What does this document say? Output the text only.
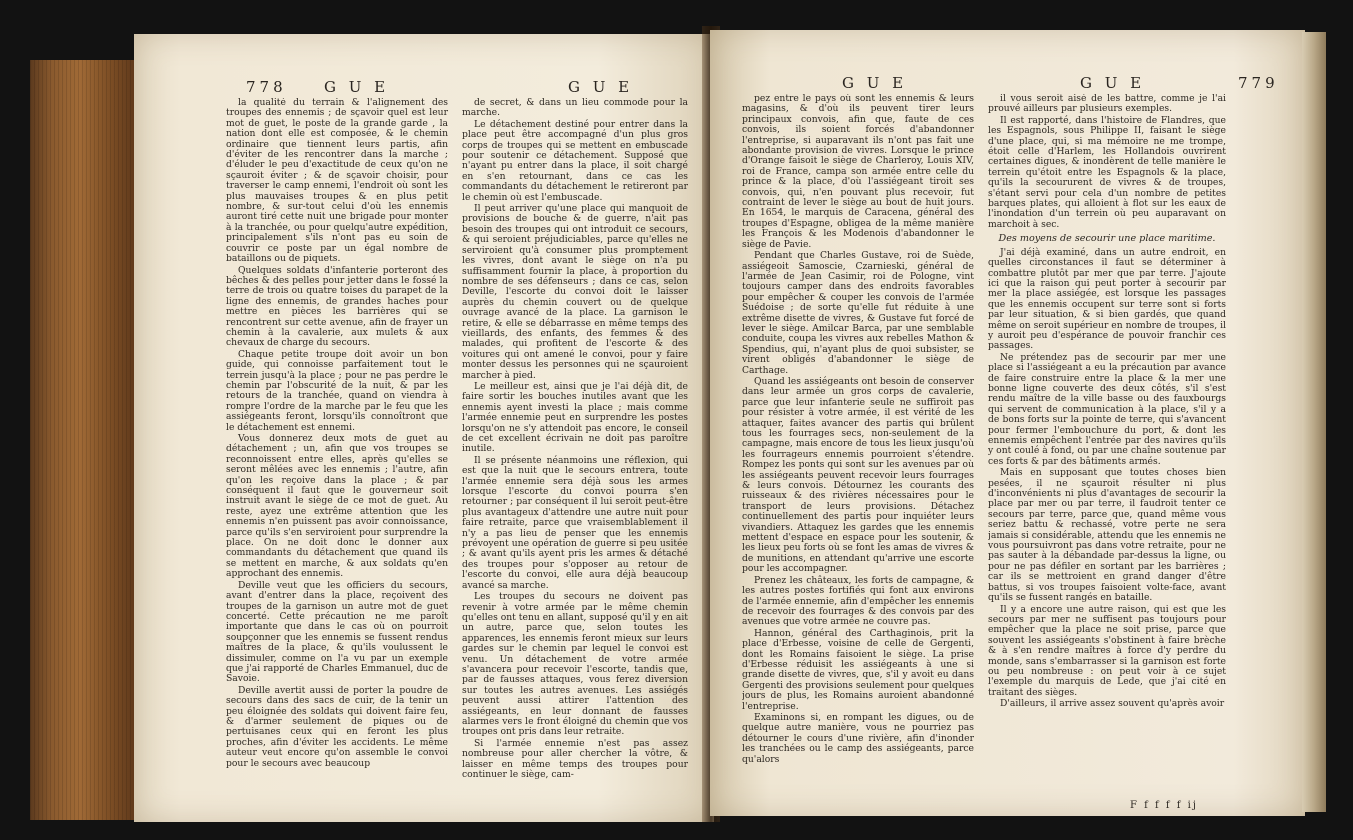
778 G U E	G U E

la qualité du terrain & l'alignement des troupes des ennemis ; de sçavoir quel est leur mot de guet, le poste de la grande garde , la nation dont elle est composée, & le chemin ordinaire que tiennent leurs partis, afin d'éviter de les rencontrer dans la marche ; d'éluder le peu d'exactitude de ceux qu'on ne sçauroit éviter ; & de sçavoir choisir, pour traverser le camp ennemi, l'endroit où sont les plus mauvaises troupes & en plus petit nombre, & sur-tout celui d'où les ennemis auront tiré cette nuit une brigade pour monter à la tranchée, ou pour quelqu'autre expédition, principalement s'ils n'ont pas eu soin de couvrir ce poste par un égal nombre de bataillons ou de piquets.

Quelques soldats d'infanterie porteront des bêches & des pelles pour jetter dans le fossé la terre de trois ou quatre toises du parapet de la ligne des ennemis, de grandes haches pour mettre en pièces les barrières qui se rencontrent sur cette avenue, afin de frayer un chemin à la cavalerie, aux mulets & aux chevaux de charge du secours.

Chaque petite troupe doit avoir un bon guide, qui connoisse parfaitement tout le terrein jusqu'à la place ; pour ne pas perdre le chemin par l'obscurité de la nuit, & par les retours de la tranchée, quand on viendra à rompre l'ordre de la marche par le feu que les assiégeants feront, lorsqu'ils connoîtront que le détachement est ennemi.

Vous donnerez deux mots de guet au détachement ; un, afin que vos troupes se reconnoissent entre elles, après qu'elles se seront mêlées avec les ennemis ; l'autre, afin qu'on les reçoive dans la place ; & par conséquent il faut que le gouverneur soit instruit avant le siège de ce mot de guet. Au reste, ayez une extrême attention que les ennemis n'en puissent pas avoir connoissance, parce qu'ils s'en serviroient pour surprendre la place. On ne doit donc le donner aux commandants du détachement que quand ils se mettent en marche, & aux soldats qu'en approchant des ennemis.

Deville veut que les officiers du secours, avant d'entrer dans la place, reçoivent des troupes de la garnison un autre mot de guet concerté. Cette précaution ne me paroît importante que dans le cas où on pourroit soupçonner que les ennemis se fussent rendus maîtres de la place, & qu'ils voulussent le dissimuler, comme on l'a vu par un exemple que j'ai rapporté de Charles Emmanuel, duc de Savoie.

Deville avertit aussi de porter la poudre de secours dans des sacs de cuir, de la tenir un peu éloignée des soldats qui doivent faire feu, & d'armer seulement de piques ou de pertuisanes ceux qui en feront les plus proches, afin d'éviter les accidents. Le même auteur veut encore qu'on assemble le convoi pour le secours avec beaucoup

de secret, & dans un lieu commode pour la marche.

Le détachement destiné pour entrer dans la place peut être accompagné d'un plus gros corps de troupes qui se mettent en embuscade pour soutenir ce détachement. Supposé que n'ayant pu entrer dans la place, il soit chargé en s'en retournant, dans ce cas les commandants du détachement le retireront par le chemin où est l'embuscade.

Il peut arriver qu'une place qui manquoit de provisions de bouche & de guerre, n'ait pas besoin des troupes qui ont introduit ce secours, & qui seroient préjudiciables, parce qu'elles ne serviroient qu'à consumer plus promptement les vivres, dont avant le siège on n'a pu suffisamment fournir la place, à proportion du nombre de ses défenseurs ; dans ce cas, selon Deville, l'escorte du convoi doit le laisser auprès du chemin couvert ou de quelque ouvrage avancé de la place. La garnison le retire, & elle se débarrasse en même temps des vieillards, des enfants, des femmes & des malades, qui profitent de l'escorte & des voitures qui ont amené le convoi, pour y faire monter dessus les personnes qui ne sçauroient marcher à pied.

Le meilleur est, ainsi que je l'ai déjà dit, de faire sortir les bouches inutiles avant que les ennemis ayent investi la place ; mais comme l'armée ennemie peut en surprendre les postes lorsqu'on ne s'y attendoit pas encore, le conseil de cet excellent écrivain ne doit pas paroître inutile.

Il se présente néanmoins une réflexion, qui est que la nuit que le secours entrera, toute l'armée ennemie sera déjà sous les armes lorsque l'escorte du convoi pourra s'en retourner ; par conséquent il lui seroit peut-être plus avantageux d'attendre une autre nuit pour faire retraite, parce que vraisemblablement il n'y a pas lieu de penser que les ennemis prévoyent une opération de guerre si peu usitée ; & avant qu'ils ayent pris les armes & détaché des troupes pour s'opposer au retour de l'escorte du convoi, elle aura déjà beaucoup avancé sa marche.

Les troupes du secours ne doivent pas revenir à votre armée par le même chemin qu'elles ont tenu en allant, supposé qu'il y en ait un autre, parce que, selon toutes les apparences, les ennemis feront mieux sur leurs gardes sur le chemin par lequel le convoi est venu. Un détachement de votre armée s'avancera pour recevoir l'escorte, tandis que, par de fausses attaques, vous ferez diversion sur toutes les autres avenues. Les assiégés peuvent aussi attirer l'attention des assiégeants, en leur donnant de fausses alarmes vers le front éloigné du chemin que vos troupes ont pris dans leur retraite.

Si l'armée ennemie n'est pas assez nombreuse pour aller chercher la vôtre, & laisser en même temps des troupes pour continuer le siège, cam-

G U E	G U E	779

pez entre le pays où sont les ennemis & leurs magasins, & d'où ils peuvent tirer leurs principaux convois, afin que, faute de ces convois, ils soient forcés d'abandonner l'entreprise, si auparavant ils n'ont pas fait une abondante provision de vivres. Lorsque le prince d'Orange faisoit le siège de Charleroy, Louis XIV, roi de France, campa son armée entre celle du prince & la place, d'où l'assiégeant tiroit ses convois, qui, n'en pouvant plus recevoir, fut contraint de lever le siège au bout de huit jours. En 1654, le marquis de Caracena, général des troupes d'Espagne, obligea de la même manière les François & les Modenois d'abandonner le siège de Pavie.

Pendant que Charles Gustave, roi de Suède, assiégeoit Samoscie, Czarnieski, général de l'armée de Jean Casimir, roi de Pologne, vint toujours camper dans des endroits favorables pour empêcher & couper les convois de l'armée Suédoise ; de sorte qu'elle fut réduite à une extrême disette de vivres, & Gustave fut forcé de lever le siège. Amilcar Barca, par une semblable conduite, coupa les vivres aux rebelles Mathon & Spendius, qui, n'ayant plus de quoi subsister, se virent obligés d'abandonner le siège de Carthage.

Quand les assiégeants ont besoin de conserver dans leur armée un gros corps de cavalerie, parce que leur infanterie seule ne suffiroit pas pour résister à votre armée, il est vérité de les attaquer, faites avancer des partis qui brûlent tous les fourrages secs, non-seulement de la campagne, mais encore de tous les lieux jusqu'où les fourrageurs ennemis pourroient s'étendre. Rompez les ponts qui sont sur les avenues par où les assiégeants peuvent recevoir leurs fourrages & leurs convois. Détournez les courants des ruisseaux & des rivières nécessaires pour le transport de leurs provisions. Détachez continuellement des partis pour inquiéter leurs vivandiers. Attaquez les gardes que les ennemis mettent d'espace en espace pour les soutenir, & les lieux peu forts où se font les amas de vivres & de munitions, en attendant qu'arrive une escorte pour les accompagner.

Prenez les châteaux, les forts de campagne, & les autres postes fortifiés qui font aux environs de l'armée ennemie, afin d'empêcher les ennemis de recevoir des fourrages & des convois par des avenues que votre armée ne couvre pas.

Hannon, général des Carthaginois, prit la place d'Erbesse, voisine de celle de Gergenti, dont les Romains faisoient le siège. La prise d'Erbesse réduisit les assiégeants à une si grande disette de vivres, que, s'il y avoit eu dans Gergenti des provisions seulement pour quelques jours de plus, les Romains auroient abandonné l'entreprise.

Examinons si, en rompant les digues, ou de quelque autre manière, vous ne pourriez pas détourner le cours d'une rivière, afin d'inonder les tranchées ou le camp des assiégeants, parce qu'alors

il vous seroit aisé de les battre, comme je l'ai prouvé ailleurs par plusieurs exemples.

Il est rapporté, dans l'histoire de Flandres, que les Espagnols, sous Philippe II, faisant le siège d'une place, qui, si ma mémoire ne me trompe, étoit celle d'Harlem, les Hollandois ouvrirent certaines digues, & inondèrent de telle manière le terrein qu'étoit entre les Espagnols & la place, qu'ils la secoururent de vivres & de troupes, s'étant servi pour cela d'un nombre de petites barques plates, qui alloient à flot sur les eaux de l'inondation d'un terrein où peu auparavant on marchoit à sec.

Des moyens de secourir une place maritime.

J'ai déjà examiné, dans un autre endroit, en quelles circonstances il faut se déterminer à combattre plutôt par mer que par terre. J'ajoute ici que la raison qui peut porter à secourir par mer la place assiégée, est lorsque les passages que les ennemis occupent sur terre sont si forts par leur situation, & si bien gardés, que quand même on seroit supérieur en nombre de troupes, il y auroit peu d'espérance de pouvoir franchir ces passages.

Ne prétendez pas de secourir par mer une place si l'assiégeant a eu la précaution par avance de faire construire entre la place & la mer une bonne ligne couverte des deux côtés, s'il s'est rendu maître de la ville basse ou des fauxbourgs qui servent de communication à la place, s'il y a de bons forts sur la pointe de terre, qui s'avancent pour fermer l'embouchure du port, & dont les ennemis empêchent l'entrée par des navires qu'ils y ont coulé à fond, ou par une chaîne soutenue par ces forts & par des bâtiments armés.

Mais en supposant que toutes choses bien pesées, il ne sçauroit résulter ni plus d'inconvénients ni plus d'avantages de secourir la place par mer ou par terre, il faudroit tenter ce secours par terre, parce que, quand même vous seriez battu & rechassé, votre perte ne sera jamais si considérable, attendu que les ennemis ne vous poursuivront pas dans votre retraite, pour ne pas sauter à la débandade par-dessus la ligne, ou pour ne pas défiler en sortant par les barrières ; car ils se mettroient en grand danger d'être battus, si vos troupes faisoient volte-face, avant qu'ils se fussent rangés en bataille.

Il y a encore une autre raison, qui est que les secours par mer ne suffisent pas toujours pour empêcher que la place ne soit prise, parce que souvent les assiégeants s'obstinent à faire brèche & à s'en rendre maîtres à force d'y perdre du monde, sans s'embarrasser si la garnison est forte ou peu nombreuse : on peut voir à ce sujet l'exemple du marquis de Lede, que j'ai cité en traitant des sièges.

D'ailleurs, il arrive assez souvent qu'après avoir

F f f f f ij
